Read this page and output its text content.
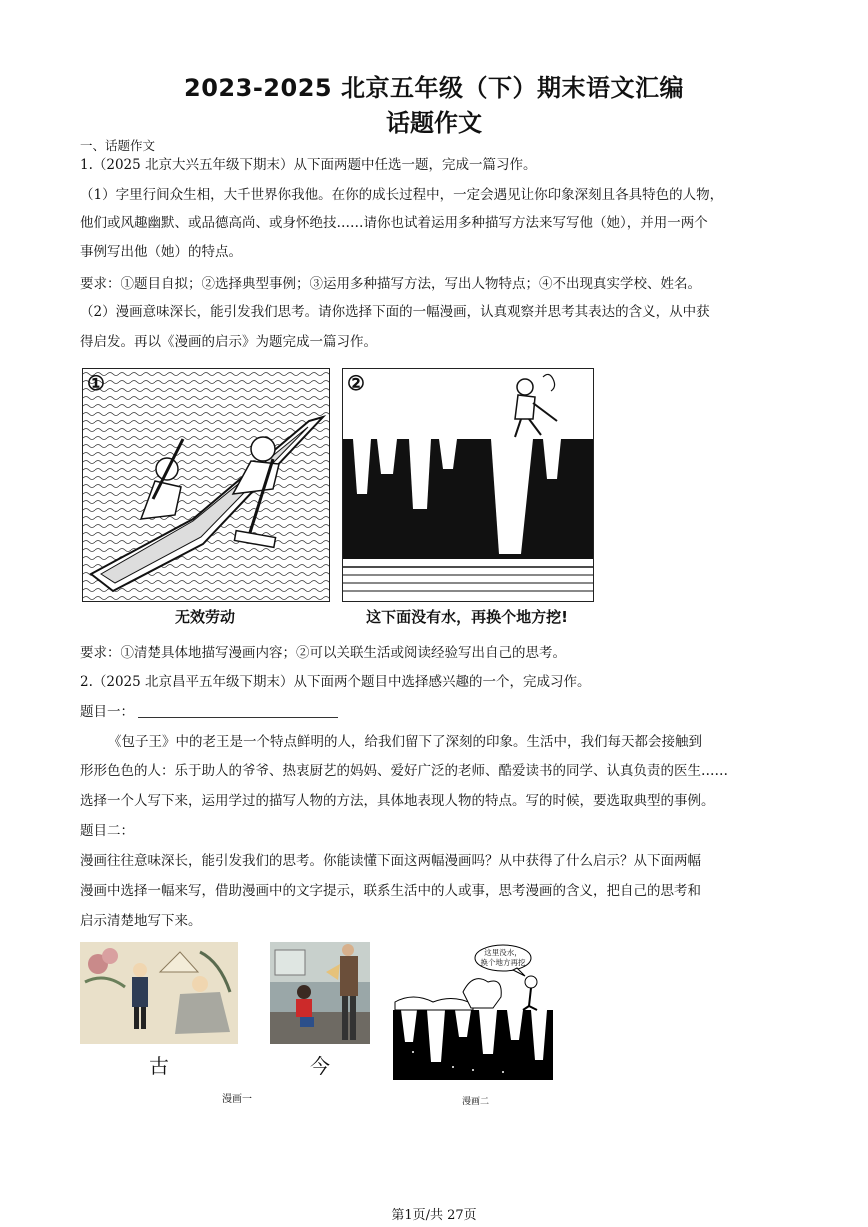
2023-2025 北京五年级（下）期末语文汇编
话题作文
一、话题作文
1.（2025 北京大兴五年级下期末）从下面两题中任选一题，完成一篇习作。
（1）字里行间众生相，大千世界你我他。在你的成长过程中，一定会遇见让你印象深刻且各具特色的人物，
他们或风趣幽默、或品德高尚、或身怀绝技……请你也试着运用多种描写方法来写写他（她），并用一两个
事例写出他（她）的特点。
要求：①题目自拟；②选择典型事例；③运用多种描写方法，写出人物特点；④不出现真实学校、姓名。
（2）漫画意味深长，能引发我们思考。请你选择下面的一幅漫画，认真观察并思考其表达的含义，从中获
得启发。再以《漫画的启示》为题完成一篇习作。
①
无效劳动
②
这下面没有水，再换个地方挖!
要求：①清楚具体地描写漫画内容；②可以关联生活或阅读经验写出自己的思考。
2.（2025 北京昌平五年级下期末）从下面两个题目中选择感兴趣的一个，完成习作。
题目一：
《包子王》中的老王是一个特点鲜明的人，给我们留下了深刻的印象。生活中，我们每天都会接触到
形形色色的人：乐于助人的爷爷、热衷厨艺的妈妈、爱好广泛的老师、酷爱读书的同学、认真负责的医生……
选择一个人写下来，运用学过的描写人物的方法，具体地表现人物的特点。写的时候，要选取典型的事例。
题目二：
漫画往往意味深长，能引发我们的思考。你能读懂下面这两幅漫画吗？从中获得了什么启示？从下面两幅
漫画中选择一幅来写，借助漫画中的文字提示，联系生活中的人或事，思考漫画的含义，把自己的思考和
启示清楚地写下来。
古	今
这里没水，
换个地方再挖
漫画一	漫画二
第1页/共 27页
